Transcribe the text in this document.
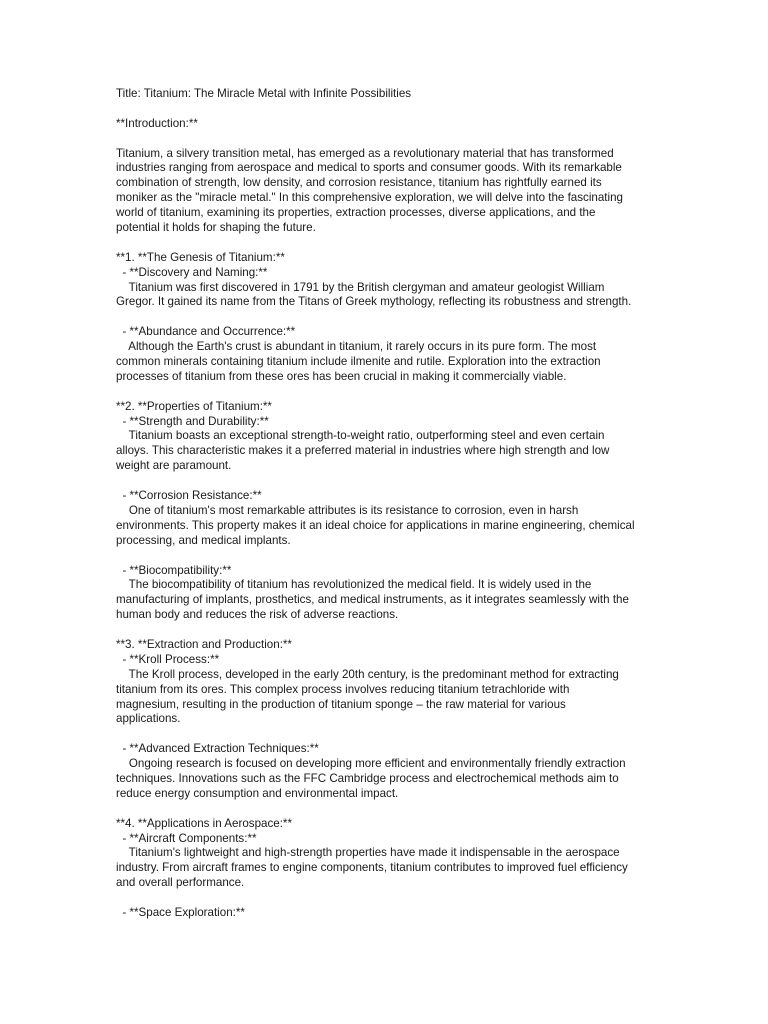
Title: Titanium: The Miracle Metal with Infinite Possibilities
**Introduction:**
Titanium, a silvery transition metal, has emerged as a revolutionary material that has transformed
industries ranging from aerospace and medical to sports and consumer goods. With its remarkable
combination of strength, low density, and corrosion resistance, titanium has rightfully earned its
moniker as the "miracle metal." In this comprehensive exploration, we will delve into the fascinating
world of titanium, examining its properties, extraction processes, diverse applications, and the
potential it holds for shaping the future.
**1. **The Genesis of Titanium:**
- **Discovery and Naming:**
Titanium was first discovered in 1791 by the British clergyman and amateur geologist William
Gregor. It gained its name from the Titans of Greek mythology, reflecting its robustness and strength.
- **Abundance and Occurrence:**
Although the Earth's crust is abundant in titanium, it rarely occurs in its pure form. The most
common minerals containing titanium include ilmenite and rutile. Exploration into the extraction
processes of titanium from these ores has been crucial in making it commercially viable.
**2. **Properties of Titanium:**
- **Strength and Durability:**
Titanium boasts an exceptional strength-to-weight ratio, outperforming steel and even certain
alloys. This characteristic makes it a preferred material in industries where high strength and low
weight are paramount.
- **Corrosion Resistance:**
One of titanium's most remarkable attributes is its resistance to corrosion, even in harsh
environments. This property makes it an ideal choice for applications in marine engineering, chemical
processing, and medical implants.
- **Biocompatibility:**
The biocompatibility of titanium has revolutionized the medical field. It is widely used in the
manufacturing of implants, prosthetics, and medical instruments, as it integrates seamlessly with the
human body and reduces the risk of adverse reactions.
**3. **Extraction and Production:**
- **Kroll Process:**
The Kroll process, developed in the early 20th century, is the predominant method for extracting
titanium from its ores. This complex process involves reducing titanium tetrachloride with
magnesium, resulting in the production of titanium sponge – the raw material for various
applications.
- **Advanced Extraction Techniques:**
Ongoing research is focused on developing more efficient and environmentally friendly extraction
techniques. Innovations such as the FFC Cambridge process and electrochemical methods aim to
reduce energy consumption and environmental impact.
**4. **Applications in Aerospace:**
- **Aircraft Components:**
Titanium's lightweight and high-strength properties have made it indispensable in the aerospace
industry. From aircraft frames to engine components, titanium contributes to improved fuel efficiency
and overall performance.
- **Space Exploration:**
